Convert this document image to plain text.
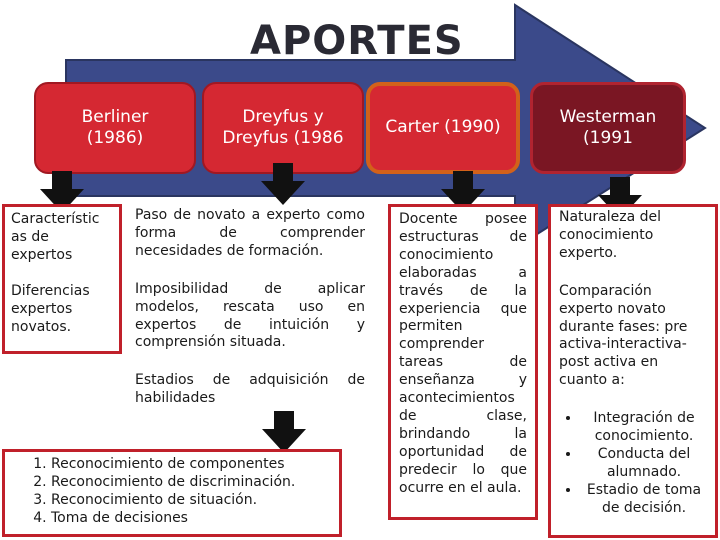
APORTES
Berliner
(1986)
Dreyfus y
Dreyfus (1986
Carter (1990)
Westerman
(1991

Característic as de expertos

Diferencias expertos novatos.

Paso de novato a experto como forma de comprender necesidades de formación.

Imposibilidad de aplicar modelos, rescata uso en expertos de intuición y comprensión situada.

Estadios de adquisición de habilidades

1. Reconocimiento de componentes
2. Reconocimiento de discriminación.
3. Reconocimiento de situación.
4. Toma de decisiones

Docente posee estructuras de conocimiento elaboradas a través de la experiencia que permiten comprender tareas de enseñanza y acontecimientos de clase, brindando la oportunidad de predecir lo que ocurre en el aula.

Naturaleza del conocimiento experto.

Comparación experto novato durante fases: pre activa-interactiva-post activa en cuanto a:

• Integración de conocimiento.
• Conducta del alumnado.
• Estadio de toma de decisión.
